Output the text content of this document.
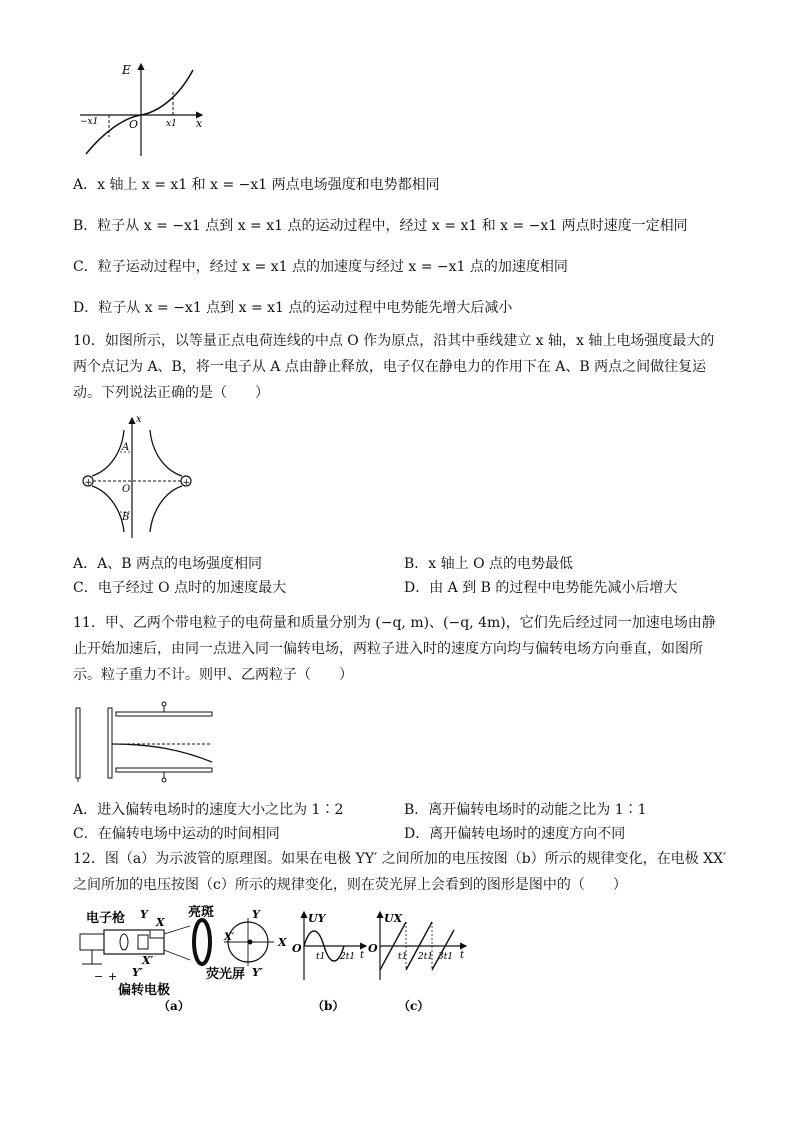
E
x
O
−x1	x1
A．x 轴上 x = x1 和 x = −x1 两点电场强度和电势都相同
B．粒子从 x = −x1 点到 x = x1 点的运动过程中，经过 x = x1 和 x = −x1 两点时速度一定相同
C．粒子运动过程中，经过 x = x1 点的加速度与经过 x = −x1 点的加速度相同
D．粒子从 x = −x1 点到 x = x1 点的运动过程中电势能先增大后减小
10．如图所示，以等量正点电荷连线的中点 O 作为原点，沿其中垂线建立 x 轴，x 轴上电场强度最大的两个点记为 A、B，将一电子从 A 点由静止释放，电子仅在静电力的作用下在 A、B 两点之间做往复运动。下列说法正确的是（　　）
+	+
x
A
B
O
A．A、B 两点的电场强度相同	B．x 轴上 O 点的电势最低
C．电子经过 O 点时的加速度最大	D．由 A 到 B 的过程中电势能先减小后增大
11．甲、乙两个带电粒子的电荷量和质量分别为 (−q, m)、(−q, 4m)，它们先后经过同一加速电场由静止开始加速后，由同一点进入同一偏转电场，两粒子进入时的速度方向均与偏转电场方向垂直，如图所示。粒子重力不计。则甲、乙两粒子（　　）
A．进入偏转电场时的速度大小之比为 1∶2	B．离开偏转电场时的动能之比为 1∶1
C．在偏转电场中运动的时间相同	D．离开偏转电场时的速度方向不同
12．图（a）为示波管的原理图。如果在电极 YY′ 之间所加的电压按图（b）所示的规律变化，在电极 XX′ 之间所加的电压按图（c）所示的规律变化，则在荧光屏上会看到的图形是图中的（　　）
电子枪
− +
Y
Y′
X
X′
亮斑	Y
X
X′
Y′
荧光屏
偏转电极
（a）
UY
O
t1 2t1 t
（b）
UX
O
t1 2t1 3t1 t
（c）
